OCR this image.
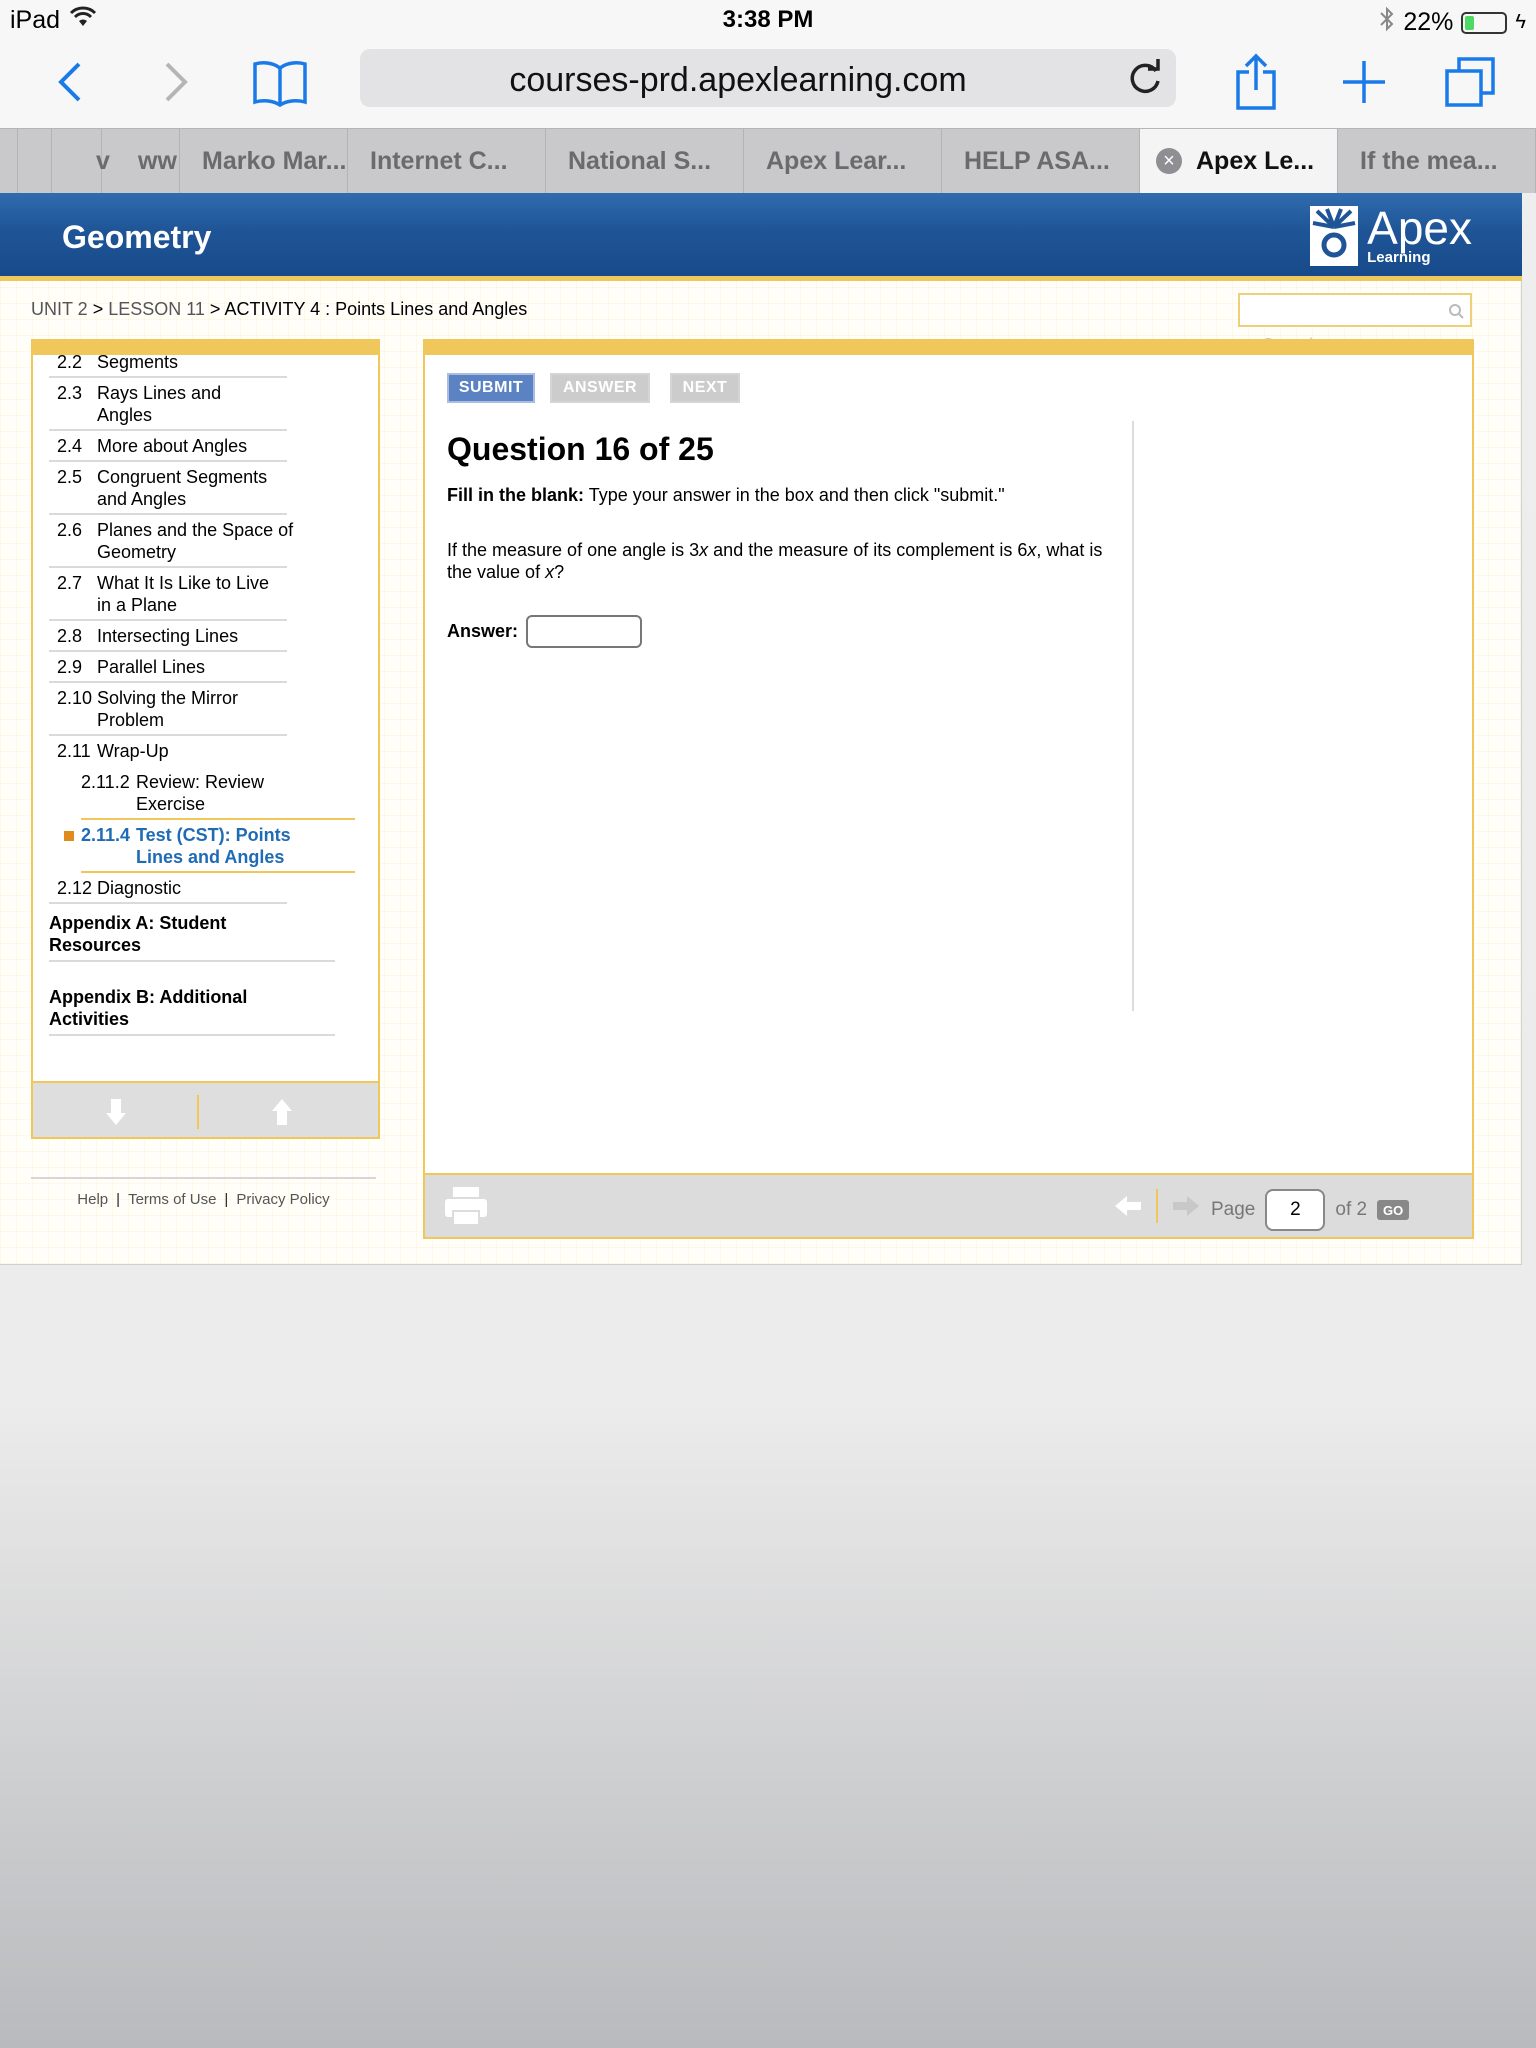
iPad	3:38 PM	22%	ϟ
courses-prd.apexlearning.com
v ww Marko Mar... Internet C... National S... Apex Lear... HELP ASA...	× Apex Le... If the mea...
Geometry	Apex
Learning
UNIT 2 > LESSON 11 > ACTIVITY 4 : Points Lines and Angles
2.2 Segments
2.3 Rays Lines and Angles
2.4 More about Angles
2.5 Congruent Segments and Angles
2.6 Planes and the Space of Geometry
2.7 What It Is Like to Live in a Plane
2.8 Intersecting Lines
2.9 Parallel Lines
2.10 Solving the Mirror Problem
2.11 Wrap-Up
2.11.2 Review: Review Exercise
2.11.4 Test (CST): Points Lines and Angles
2.12 Diagnostic
Appendix A: Student Resources
Appendix B: Additional Activities
Help | Terms of Use | Privacy Policy
SUBMIT	ANSWER	NEXT
Question 16 of 25
Fill in the blank: Type your answer in the box and then click "submit."
If the measure of one angle is 3x and the measure of its complement is 6x, what is the value of x?
Answer:
Page
2	of 2	GO
